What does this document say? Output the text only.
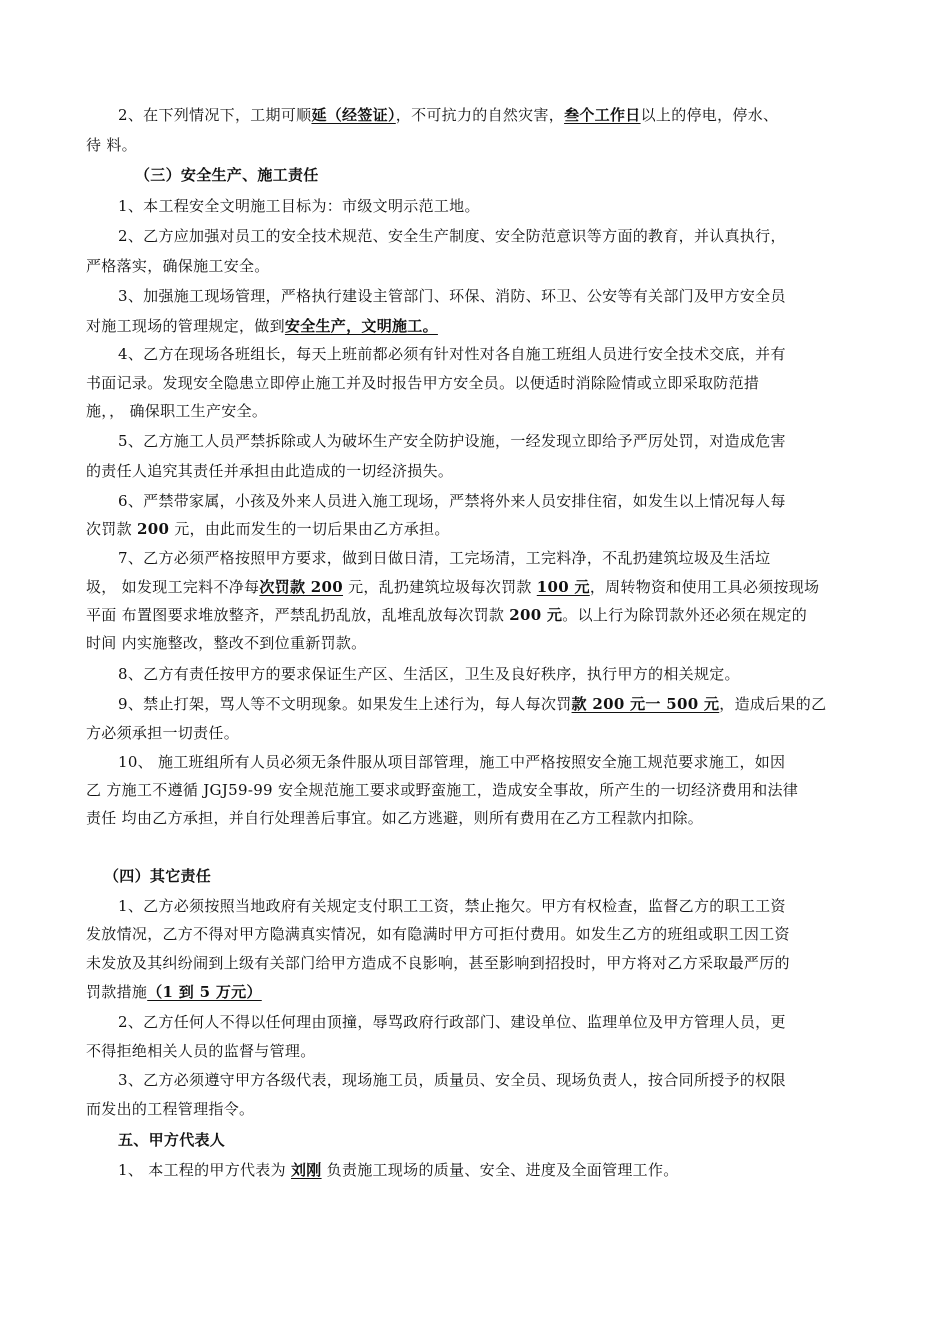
2、在下列情况下，工期可顺延（经签证），不可抗力的自然灾害，叁个工作日以上的停电，停水、
待 料。
（三）安全生产、施工责任
1、本工程安全文明施工目标为：市级文明示范工地。
2、乙方应加强对员工的安全技术规范、安全生产制度、安全防范意识等方面的教育，并认真执行，
严格落实，确保施工安全。
3、加强施工现场管理，严格执行建设主管部门、环保、消防、环卫、公安等有关部门及甲方安全员
对施工现场的管理规定，做到安全生产，文明施工。
4、乙方在现场各班组长，每天上班前都必须有针对性对各自施工班组人员进行安全技术交底，并有
书面记录。发现安全隐患立即停止施工并及时报告甲方安全员。以便适时消除险情或立即采取防范措
施，， 确保职工生产安全。
5、乙方施工人员严禁拆除或人为破坏生产安全防护设施，一经发现立即给予严厉处罚，对造成危害
的责任人追究其责任并承担由此造成的一切经济损失。
6、严禁带家属，小孩及外来人员进入施工现场，严禁将外来人员安排住宿，如发生以上情况每人每
次罚款 200 元，由此而发生的一切后果由乙方承担。
7、乙方必须严格按照甲方要求，做到日做日清，工完场清，工完料净，不乱扔建筑垃圾及生活垃
圾， 如发现工完料不净每次罚款 200 元，乱扔建筑垃圾每次罚款 100 元，周转物资和使用工具必须按现场
平面 布置图要求堆放整齐，严禁乱扔乱放，乱堆乱放每次罚款 200 元。以上行为除罚款外还必须在规定的
时间 内实施整改，整改不到位重新罚款。
8、乙方有责任按甲方的要求保证生产区、生活区，卫生及良好秩序，执行甲方的相关规定。
9、禁止打架，骂人等不文明现象。如果发生上述行为，每人每次罚款 200 元一 500 元，造成后果的乙
方必须承担一切责任。
10、 施工班组所有人员必须无条件服从项目部管理，施工中严格按照安全施工规范要求施工，如因
乙 方施工不遵循 JGJ59-99 安全规范施工要求或野蛮施工，造成安全事故，所产生的一切经济费用和法律
责任 均由乙方承担，并自行处理善后事宜。如乙方逃避，则所有费用在乙方工程款内扣除。
（四）其它责任
1、乙方必须按照当地政府有关规定支付职工工资，禁止拖欠。甲方有权检查，监督乙方的职工工资
发放情况，乙方不得对甲方隐满真实情况，如有隐满时甲方可拒付费用。如发生乙方的班组或职工因工资
未发放及其纠纷闹到上级有关部门给甲方造成不良影响，甚至影响到招投时，甲方将对乙方采取最严厉的
罚款措施（1 到 5 万元）
2、乙方任何人不得以任何理由顶撞，辱骂政府行政部门、建设单位、监理单位及甲方管理人员，更
不得拒绝相关人员的监督与管理。
3、乙方必须遵守甲方各级代表，现场施工员，质量员、安全员、现场负责人，按合同所授予的权限
而发出的工程管理指令。
五、甲方代表人
1、 本工程的甲方代表为 刘刚 负责施工现场的质量、安全、进度及全面管理工作。
